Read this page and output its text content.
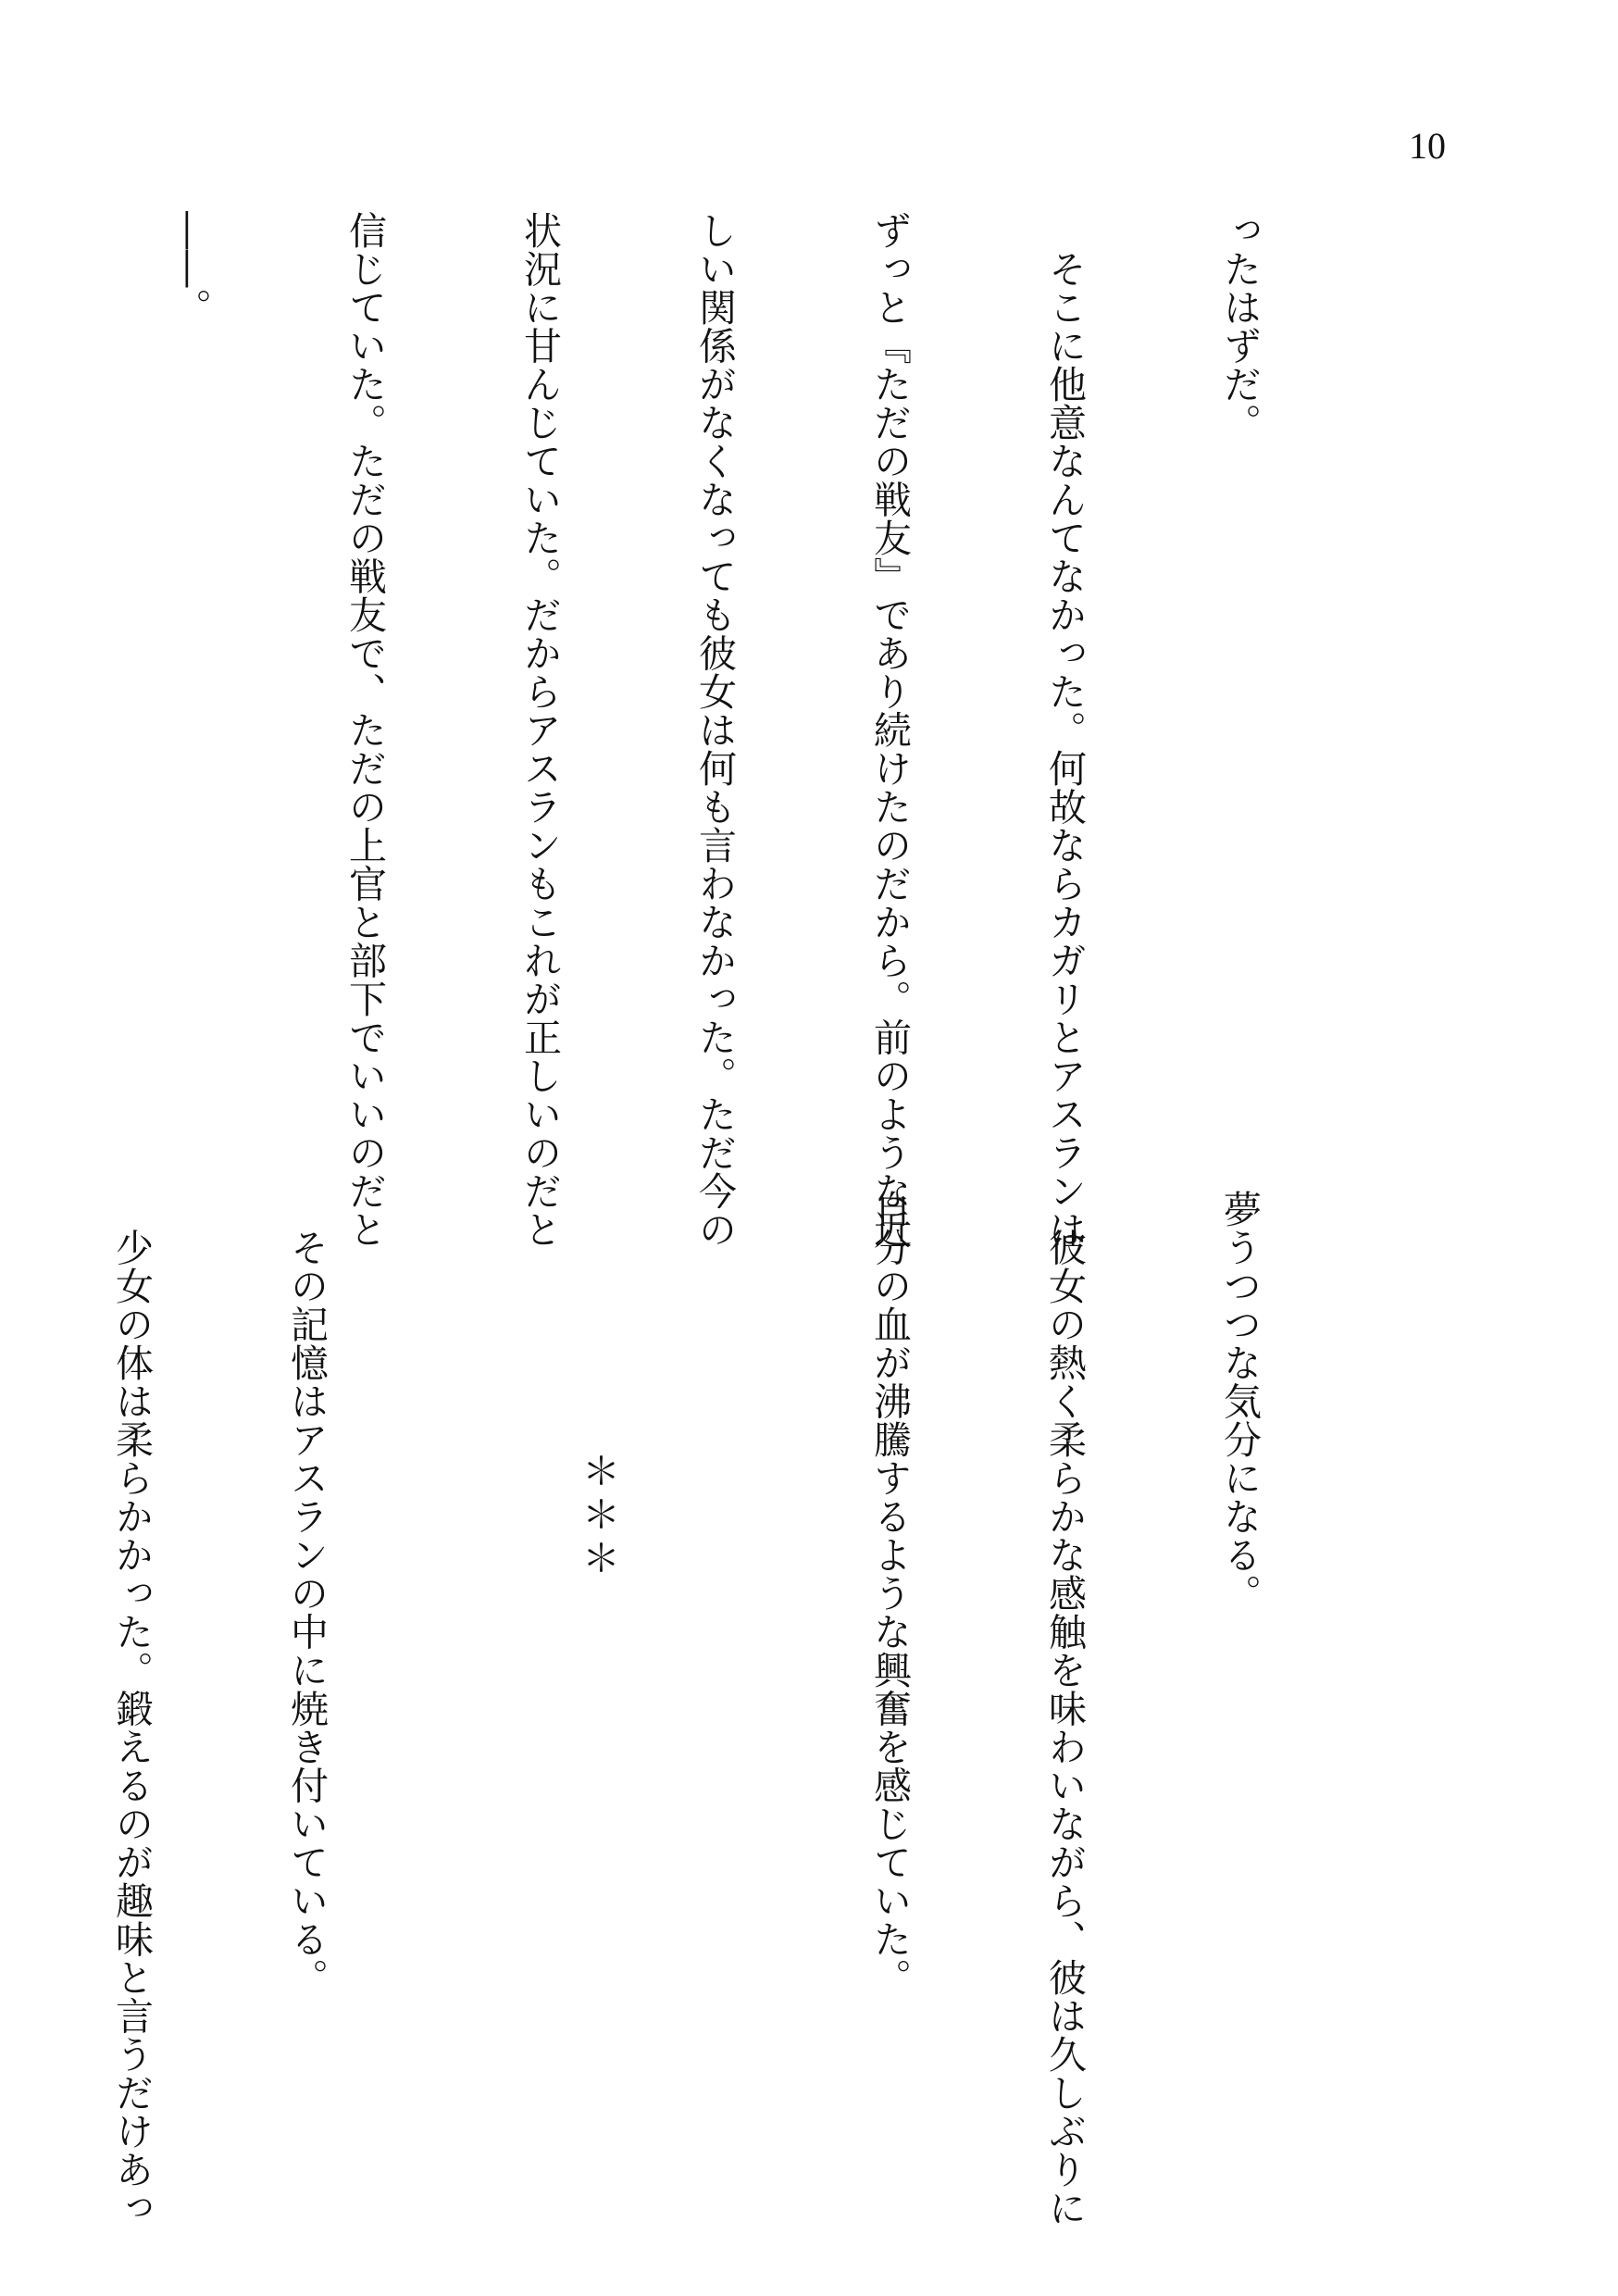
10

ったはずだ。

　そこに他意なんてなかった。何故ならカガリとアスランは

ずっと『ただの戦友』であり続けたのだから。前のような近

しい関係がなくなっても彼女は何も言わなかった。ただ今の

状況に甘んじていた。だからアスランもこれが正しいのだと

信じていた。ただの戦友で、ただの上官と部下でいいのだと

――。

夢うつつな気分になる。

　彼女の熱く柔らかな感触を味わいながら、彼は久しぶりに

自分の血が沸騰するような興奮を感じていた。

　　　　　　＊＊＊

　その記憶はアスランの中に焼き付いている。

　少女の体は柔らかかった。鍛えるのが趣味と言うだけあっ
